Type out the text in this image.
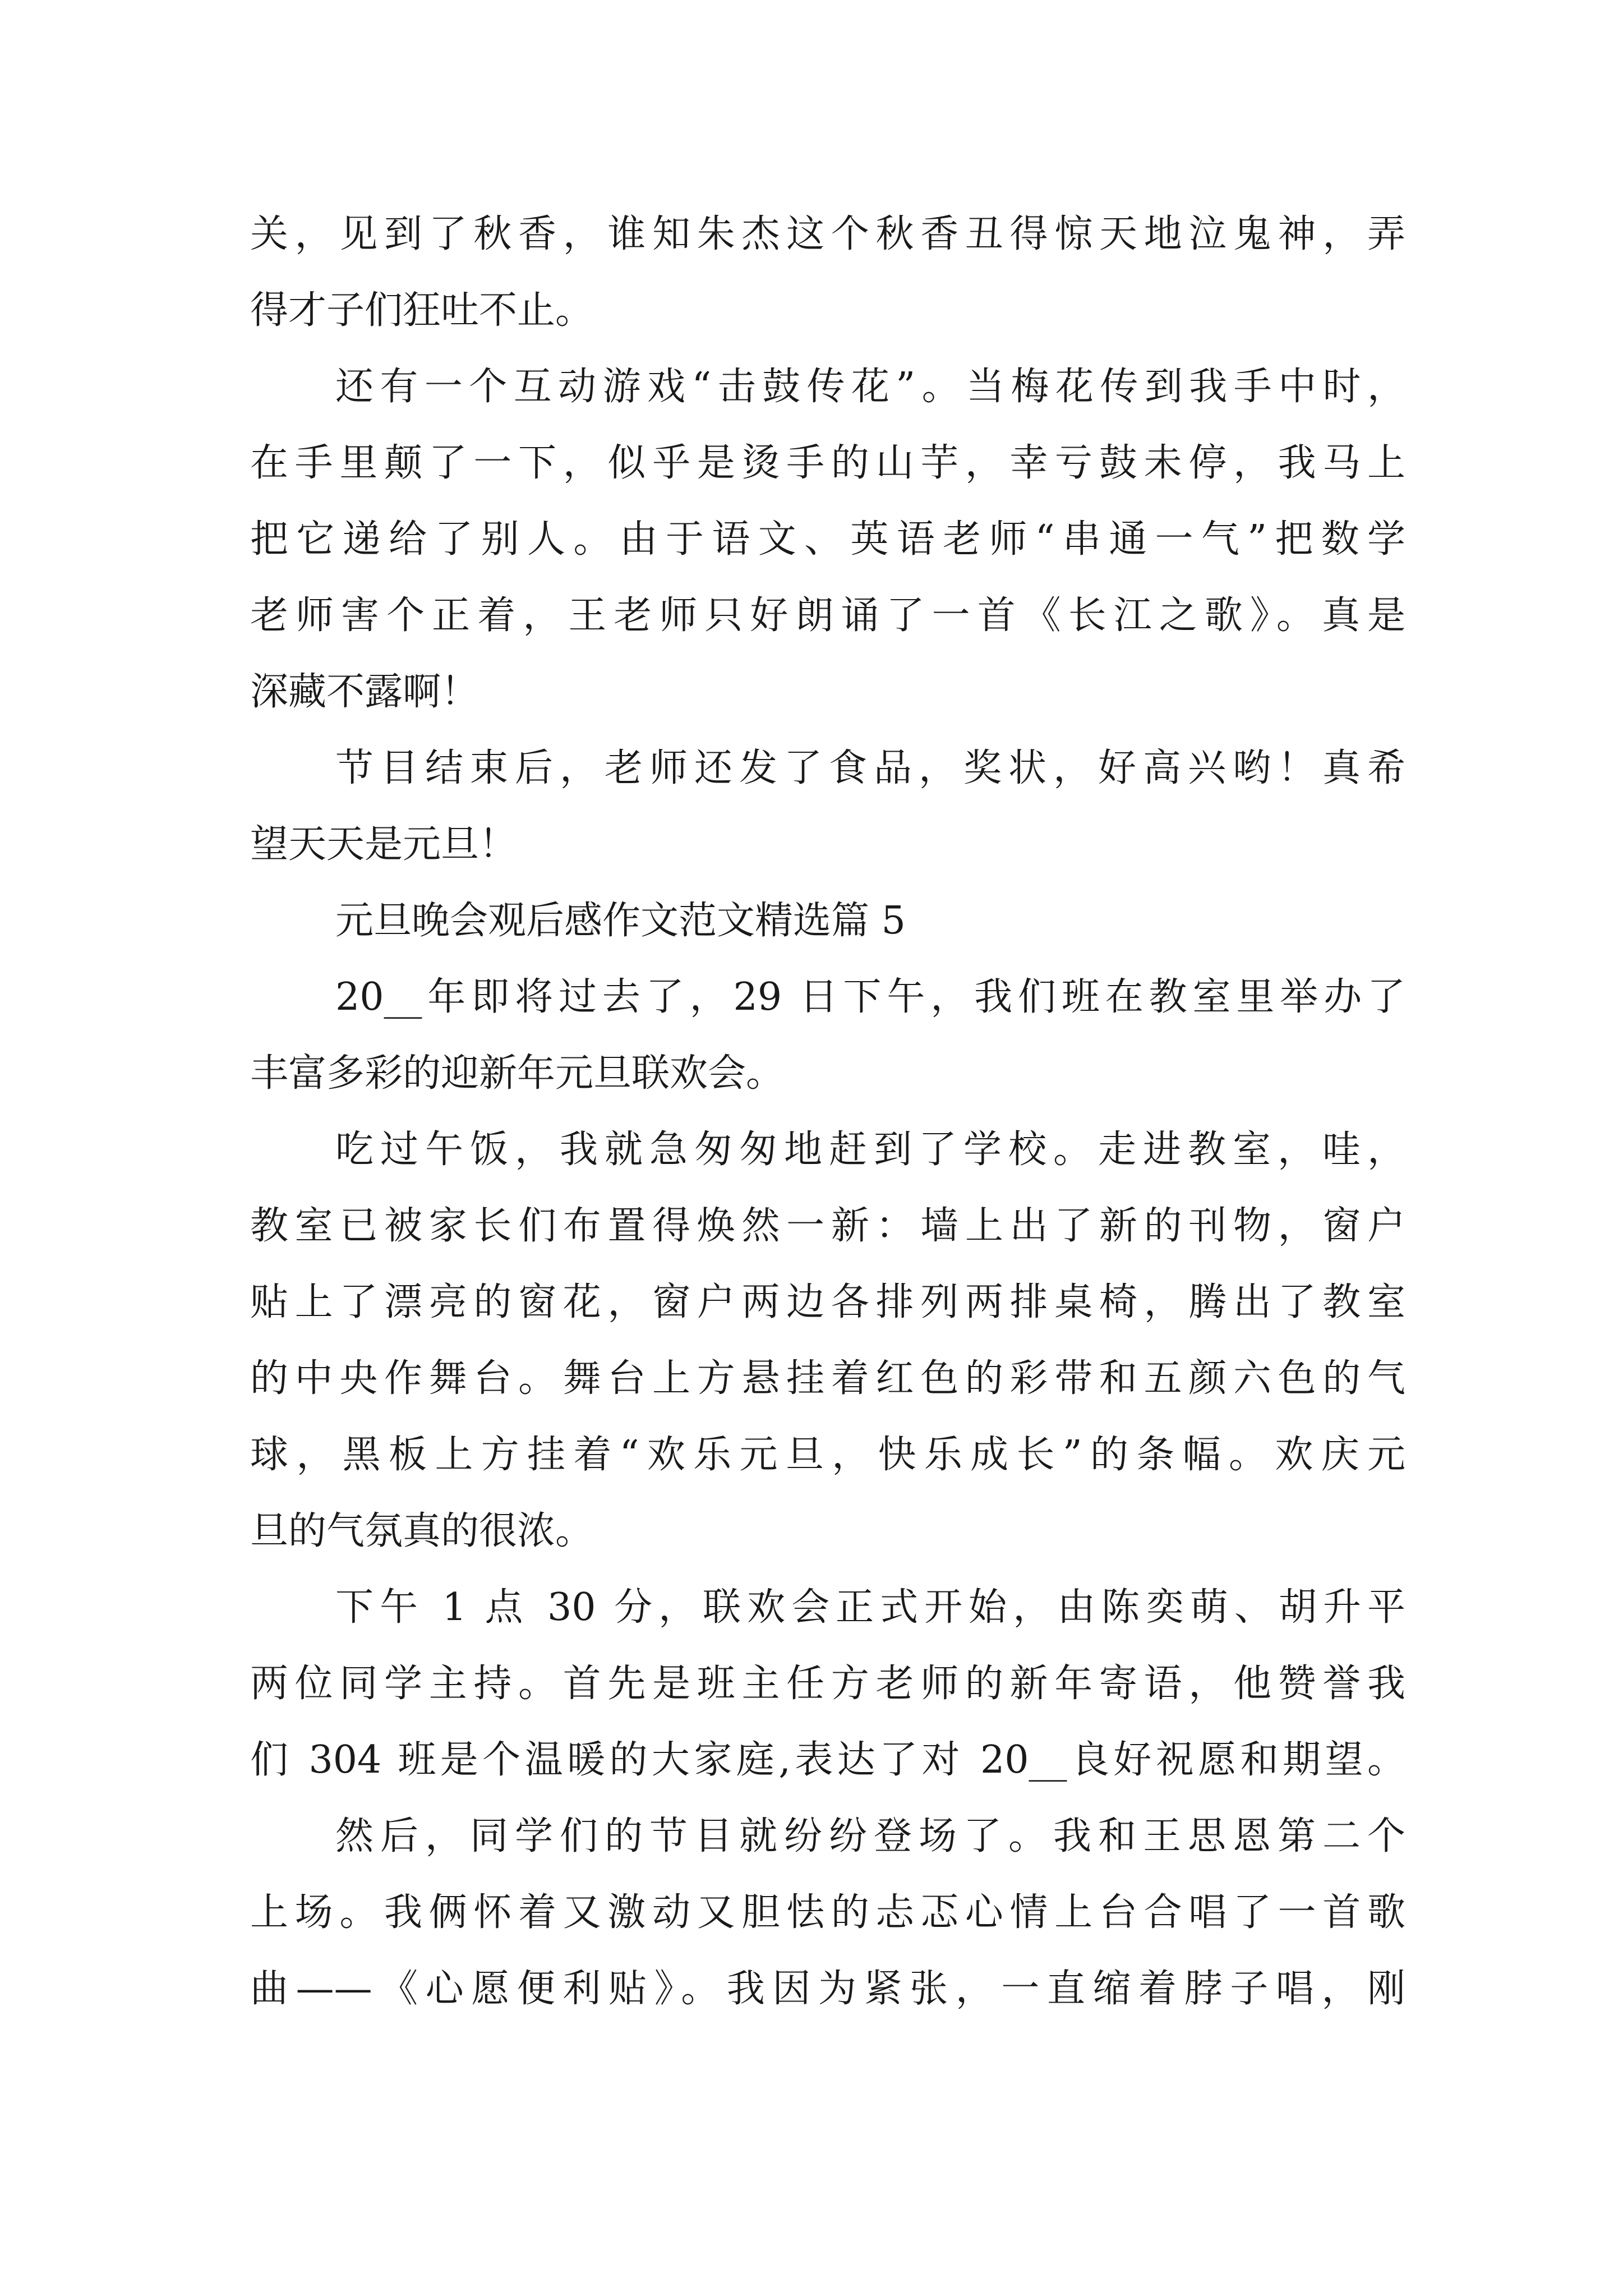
关，见到了秋香，谁知朱杰这个秋香丑得惊天地泣鬼神，弄
得才子们狂吐不止。
还有一个互动游戏“击鼓传花”。当梅花传到我手中时，
在手里颠了一下，似乎是烫手的山芋，幸亏鼓未停，我马上
把它递给了别人。由于语文、英语老师“串通一气”把数学
老师害个正着，王老师只好朗诵了一首《长江之歌》。真是
深藏不露啊！
节目结束后，老师还发了食品，奖状，好高兴哟！真希
望天天是元旦！
元旦晚会观后感作文范文精选篇 5
20__年即将过去了，29 日下午，我们班在教室里举办了
丰富多彩的迎新年元旦联欢会。
吃过午饭，我就急匆匆地赶到了学校。走进教室，哇，
教室已被家长们布置得焕然一新：墙上出了新的刊物，窗户
贴上了漂亮的窗花，窗户两边各排列两排桌椅，腾出了教室
的中央作舞台。舞台上方悬挂着红色的彩带和五颜六色的气
球，黑板上方挂着“欢乐元旦，快乐成长”的条幅。欢庆元
旦的气氛真的很浓。
下午 1 点 30 分，联欢会正式开始，由陈奕萌、胡升平
两位同学主持。首先是班主任方老师的新年寄语，他赞誉我
们 304 班是个温暖的大家庭,表达了对 20__良好祝愿和期望。
然后，同学们的节目就纷纷登场了。我和王思恩第二个
上场。我俩怀着又激动又胆怯的忐忑心情上台合唱了一首歌
曲——《心愿便利贴》。我因为紧张，一直缩着脖子唱，刚
